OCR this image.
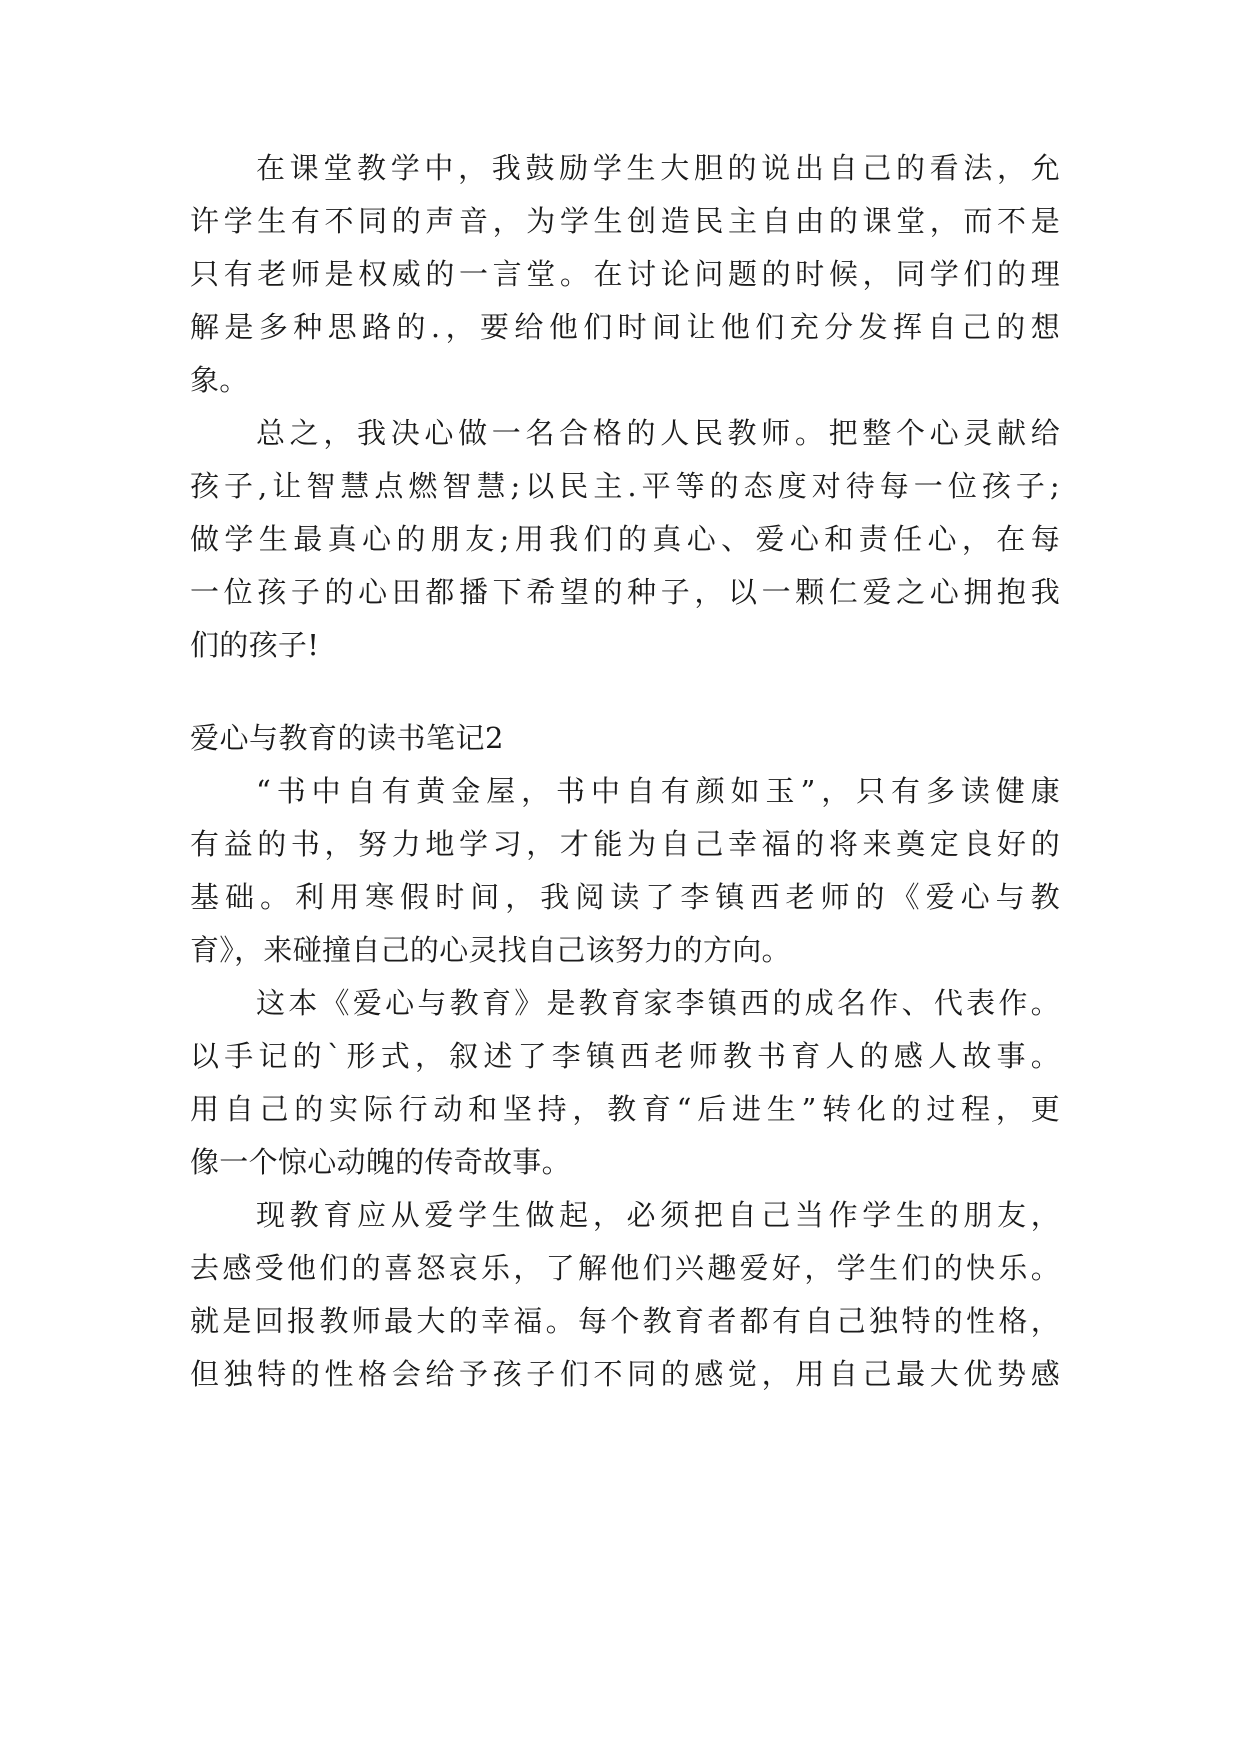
在课堂教学中，我鼓励学生大胆的说出自己的看法，允
许学生有不同的声音，为学生创造民主自由的课堂，而不是
只有老师是权威的一言堂。在讨论问题的时候，同学们的理
解是多种思路的.，要给他们时间让他们充分发挥自己的想
象。
总之，我决心做一名合格的人民教师。把整个心灵献给
孩子,让智慧点燃智慧;以民主.平等的态度对待每一位孩子;
做学生最真心的朋友;用我们的真心、爱心和责任心，在每
一位孩子的心田都播下希望的种子，以一颗仁爱之心拥抱我
们的孩子!
爱心与教育的读书笔记2
“书中自有黄金屋，书中自有颜如玉”，只有多读健康
有益的书，努力地学习，才能为自己幸福的将来奠定良好的
基础。利用寒假时间，我阅读了李镇西老师的《爱心与教
育》，来碰撞自己的心灵找自己该努力的方向。
这本《爱心与教育》是教育家李镇西的成名作、代表作。
以手记的`形式，叙述了李镇西老师教书育人的感人故事。
用自己的实际行动和坚持，教育“后进生”转化的过程，更
像一个惊心动魄的传奇故事。
现教育应从爱学生做起，必须把自己当作学生的朋友，
去感受他们的喜怒哀乐，了解他们兴趣爱好，学生们的快乐。
就是回报教师最大的幸福。每个教育者都有自己独特的性格，
但独特的性格会给予孩子们不同的感觉，用自己最大优势感
